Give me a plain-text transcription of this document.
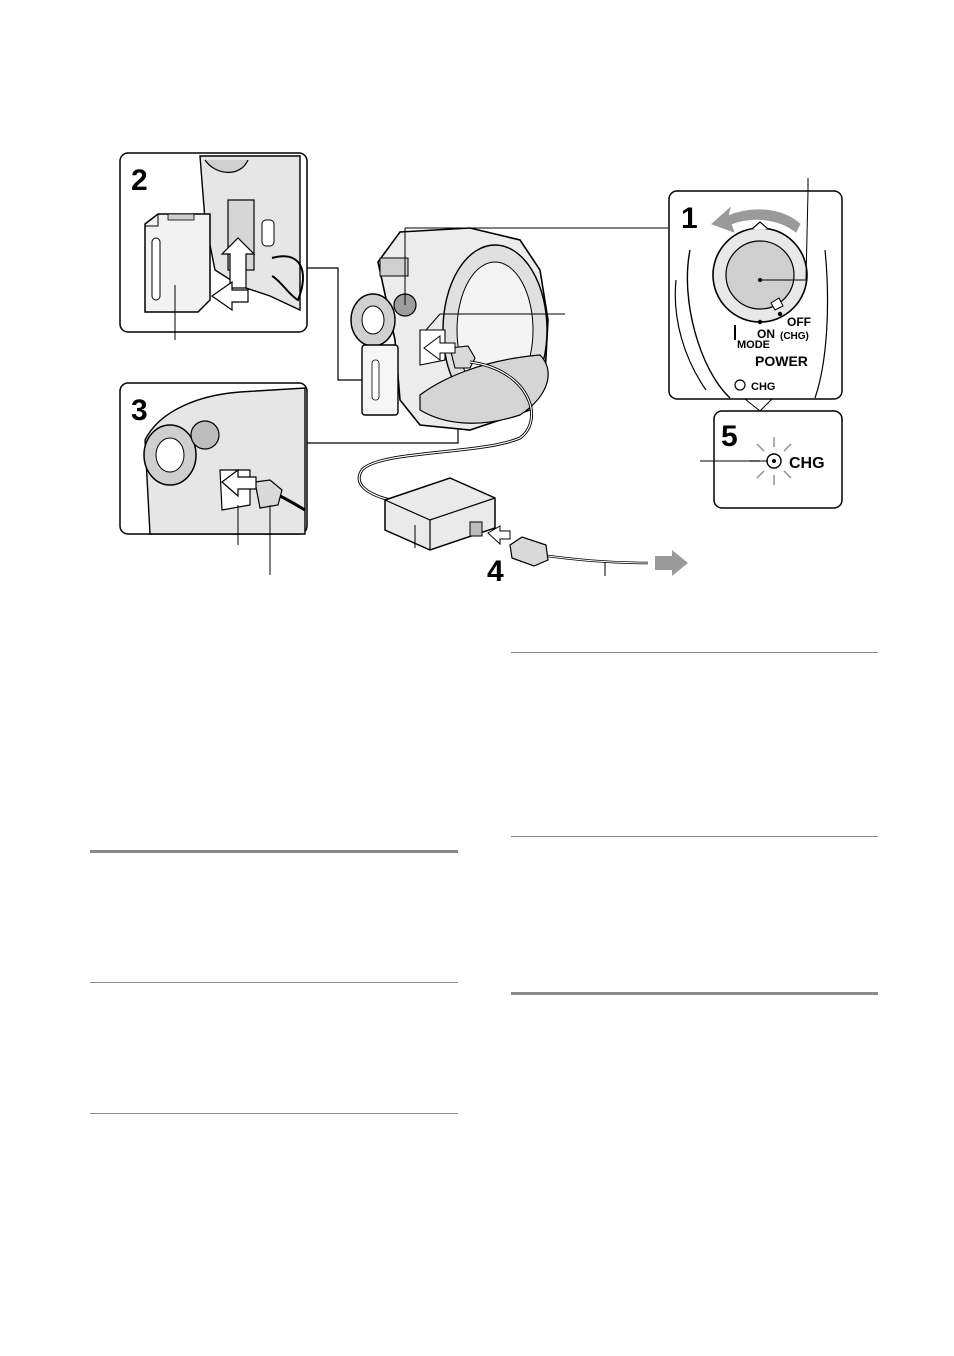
2
3
4
1
MODE
ON
OFF
(CHG)
POWER
CHG
5
CHG
